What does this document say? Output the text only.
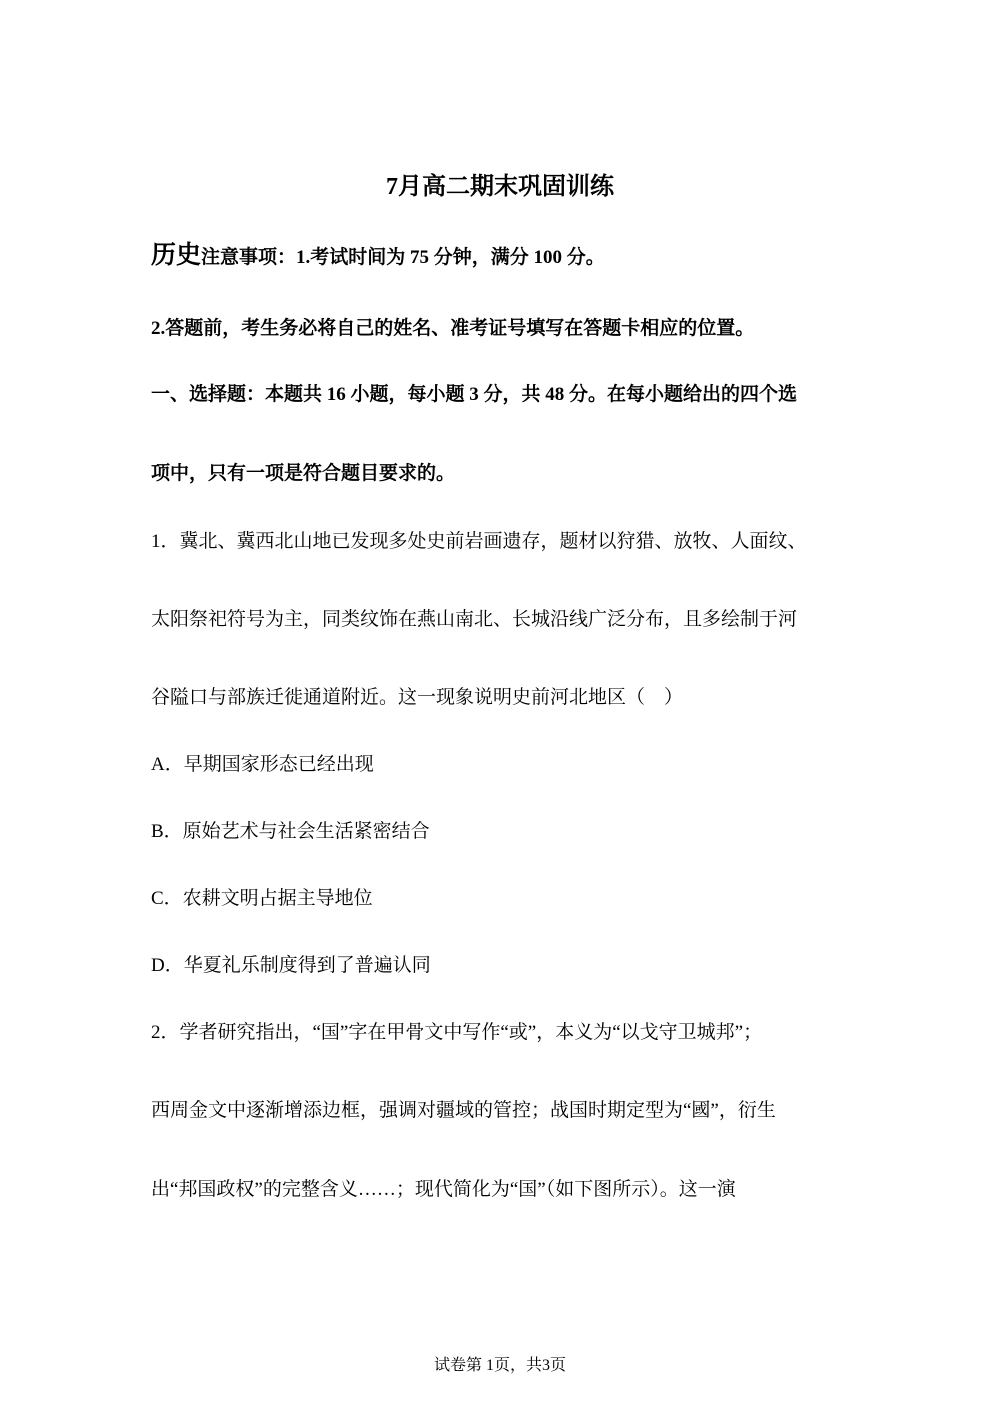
7月高二期末巩固训练
历史注意事项：1.考试时间为 75 分钟，满分 100 分。
2.答题前，考生务必将自己的姓名、准考证号填写在答题卡相应的位置。
一、选择题：本题共 16 小题，每小题 3 分，共 48 分。在每小题给出的四个选
项中，只有一项是符合题目要求的。
1．冀北、冀西北山地已发现多处史前岩画遗存，题材以狩猎、放牧、人面纹、
太阳祭祀符号为主，同类纹饰在燕山南北、长城沿线广泛分布，且多绘制于河
谷隘口与部族迁徙通道附近。这一现象说明史前河北地区（　）
A．早期国家形态已经出现
B．原始艺术与社会生活紧密结合
C．农耕文明占据主导地位
D．华夏礼乐制度得到了普遍认同
2．学者研究指出，“国”字在甲骨文中写作“或”，本义为“以戈守卫城邦”；
西周金文中逐渐增添边框，强调对疆域的管控；战国时期定型为“國”，衍生
出“邦国政权”的完整含义……；现代简化为“国”（如下图所示）。这一演
试卷第 1页，共3页
